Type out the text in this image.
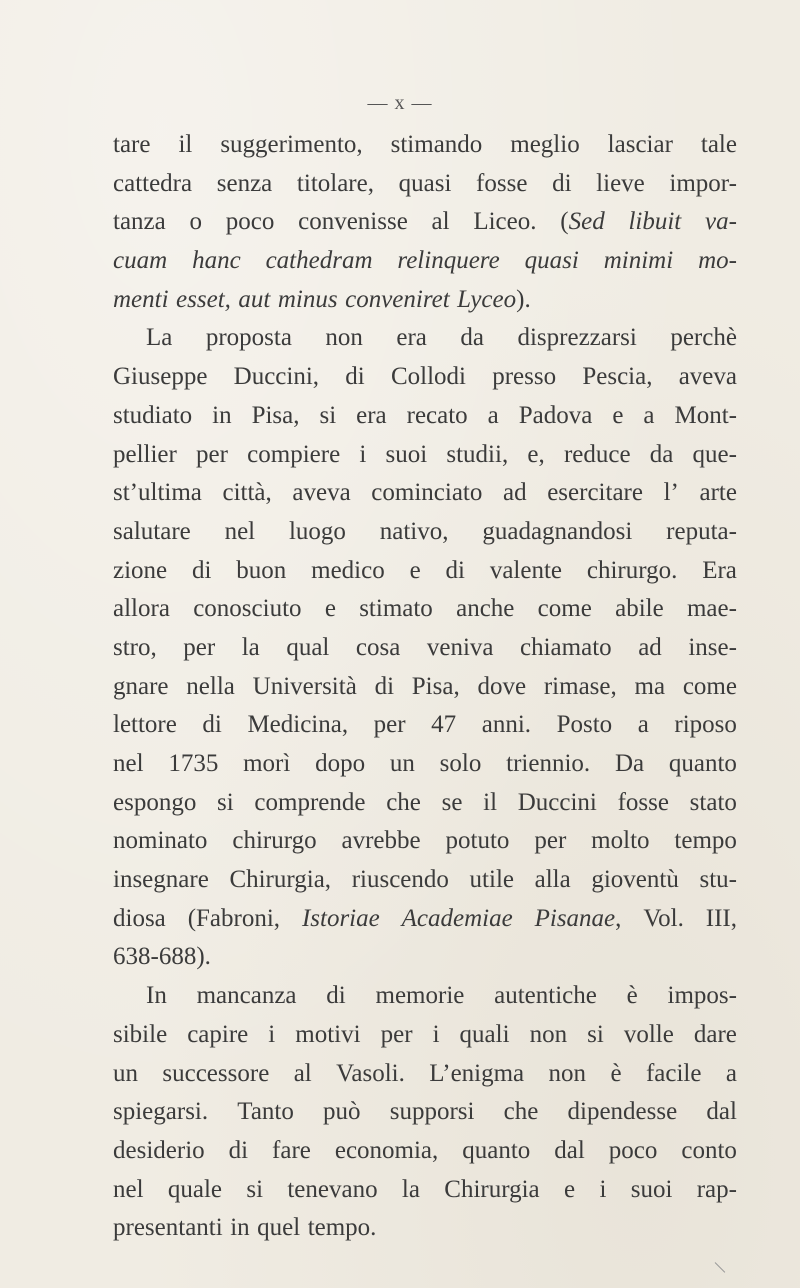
— x —
tare il suggerimento, stimando meglio lasciar tale
cattedra senza titolare, quasi fosse di lieve impor-
tanza o poco convenisse al Liceo. (Sed libuit va-
cuam hanc cathedram relinquere quasi minimi mo-
menti esset, aut minus conveniret Lyceo).
La proposta non era da disprezzarsi perchè
Giuseppe Duccini, di Collodi presso Pescia, aveva
studiato in Pisa, si era recato a Padova e a Mont-
pellier per compiere i suoi studii, e, reduce da que-
st’ultima città, aveva cominciato ad esercitare l’ arte
salutare nel luogo nativo, guadagnandosi reputa-
zione di buon medico e di valente chirurgo. Era
allora conosciuto e stimato anche come abile mae-
stro, per la qual cosa veniva chiamato ad inse-
gnare nella Università di Pisa, dove rimase, ma come
lettore di Medicina, per 47 anni. Posto a riposo
nel 1735 morì dopo un solo triennio. Da quanto
espongo si comprende che se il Duccini fosse stato
nominato chirurgo avrebbe potuto per molto tempo
insegnare Chirurgia, riuscendo utile alla gioventù stu-
diosa (Fabroni, Istoriae Academiae Pisanae, Vol. III,
638-688).
In mancanza di memorie autentiche è impos-
sibile capire i motivi per i quali non si volle dare
un successore al Vasoli. L’enigma non è facile a
spiegarsi. Tanto può supporsi che dipendesse dal
desiderio di fare economia, quanto dal poco conto
nel quale si tenevano la Chirurgia e i suoi rap-
presentanti in quel tempo.
